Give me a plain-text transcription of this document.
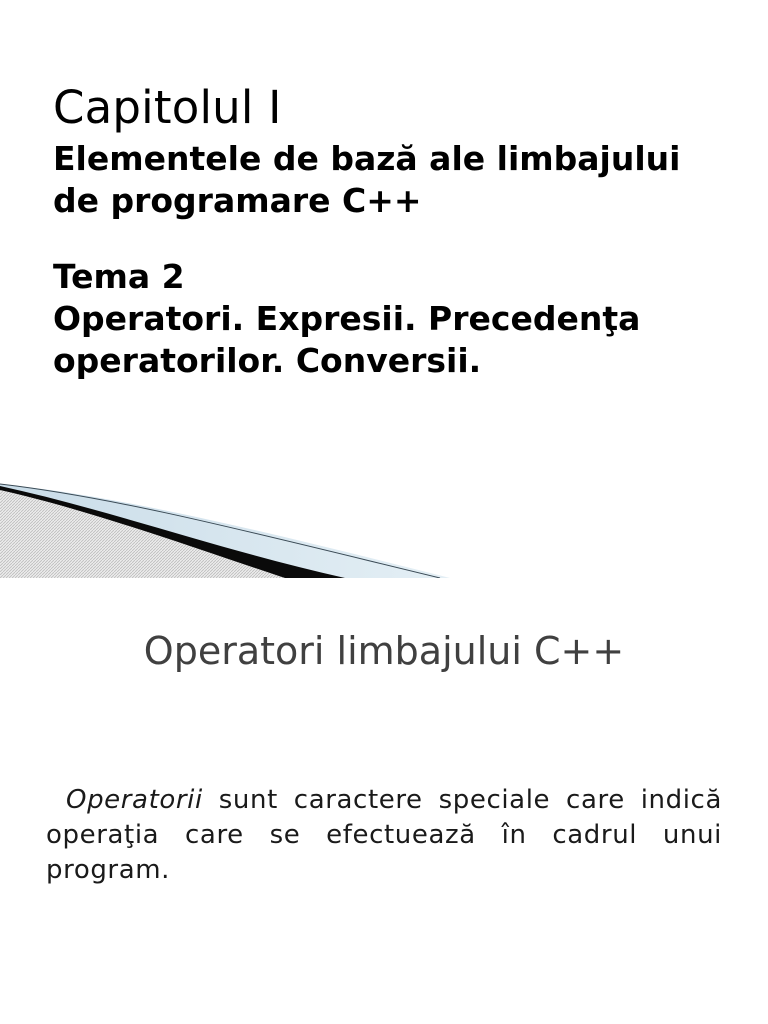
Capitolul I
Elementele de bază ale limbajului
de programare C++
Tema 2
Operatori. Expresii. Precedenţa
operatorilor. Conversii.
Operatori limbajului C++
Operatorii sunt caractere speciale care indică operaţia care se efectuează în cadrul unui program.
